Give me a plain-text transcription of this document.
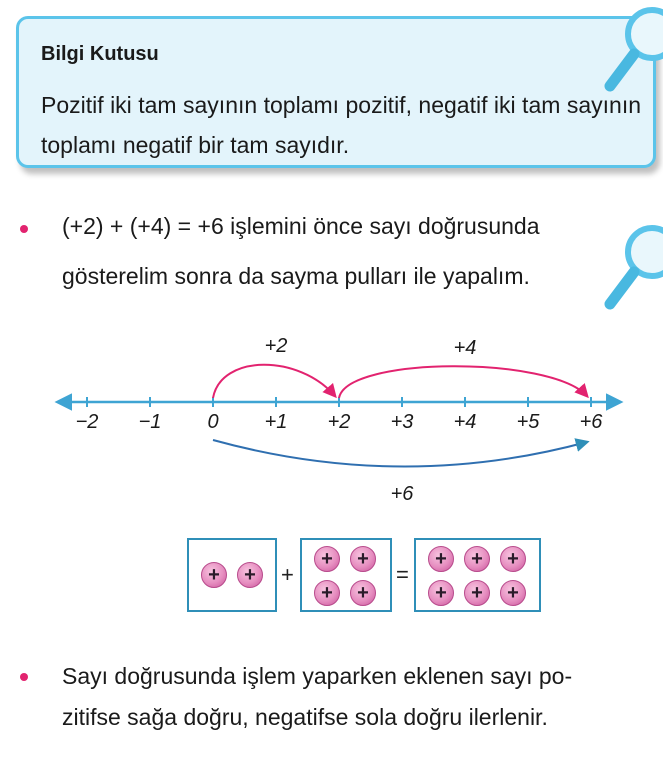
Bilgi Kutusu
Pozitif iki tam sayının toplamı pozitif, negatif iki tam sayının toplamı negatif bir tam sayıdır.
(+2) + (+4) = +6 işlemini önce sayı doğrusunda
gösterelim sonra da sayma pulları ile yapalım.
−2 −1 0 +1 +2 +3 +4 +5 +6
+2	+4
+6
+ + +
+ +
+ +
=
+ + +
+ + +
Sayı doğrusunda işlem yaparken eklenen sayı po-
zitifse sağa doğru, negatifse sola doğru ilerlenir.
